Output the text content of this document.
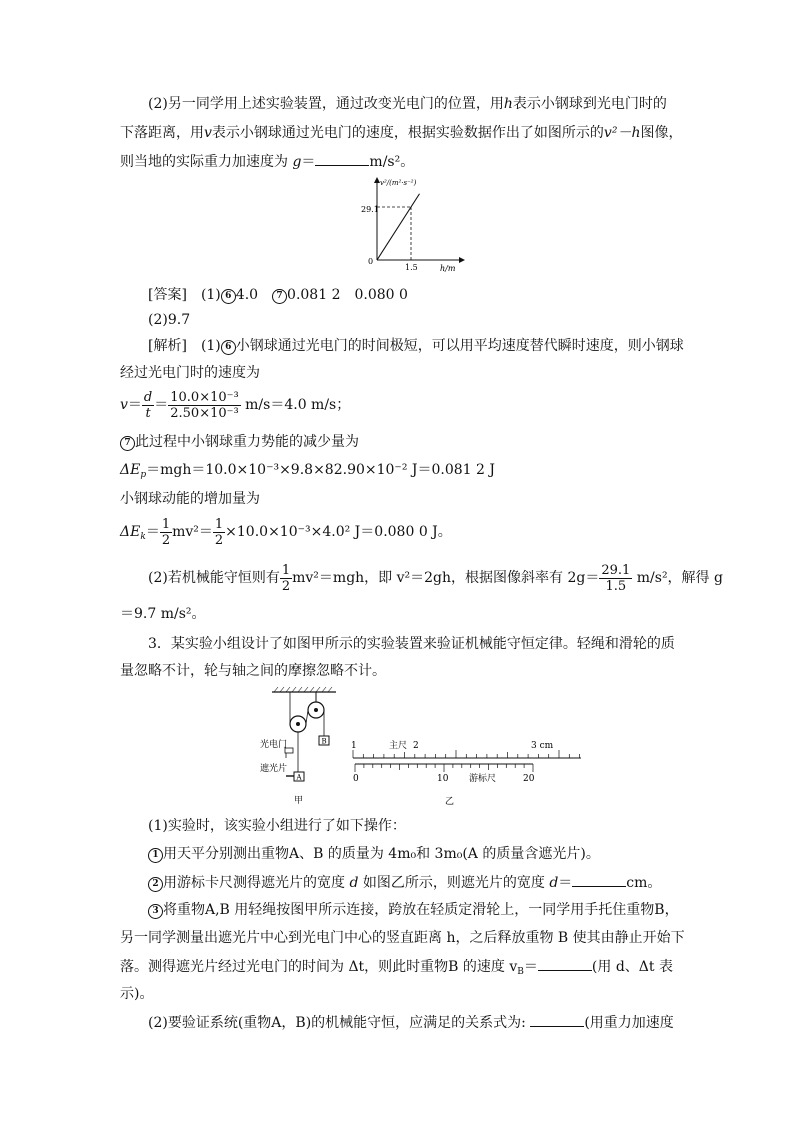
(2)另一同学用上述实验装置，通过改变光电门的位置，用h表示小钢球到光电门时的
下落距离，用v表示小钢球通过光电门的速度，根据实验数据作出了如图所示的v²－h图像，
则当地的实际重力加速度为 g＝	m/s²。
v²/(m²·s⁻²)
29.1
1.5
0
h/m
[答案]　 (1) 6 4.0　 7 0.081 2　0.080 0
(2)9.7
[解析]　 (1) 6 小钢球通过光电门的时间极短，可以用平均速度替代瞬时速度，则小钢球
经过光电门时的速度为
$v= \frac{d}{t} = \frac{\text{10.0×10⁻³}}{\text{2.50×10⁻³}} m/s=4.0$ m/s；
7 此过程中小钢球重力势能的减少量为
$\Delta E_p=mgh=10.0\times 10^{-3}\times 9.8\times 82.90\times 10^{-2}$ J＝0.081 2 J
小钢球动能的增加量为
$\Delta E_k= \frac{1}{2} mv^2= \frac{1}{2} \times 10.0\times 10^{-3}\times 4.0^2$ J＝0.080 0 J。
(2)若机械能守恒则有 $\frac{1}{2} mv^2=mgh$，即 v²＝2gh，根据图像斜率有 $2g= \frac{29.1}{1.5} m/s^2$，解得 g
＝9.7 m/s²。
3．某实验小组设计了如图甲所示的实验装置来验证机械能守恒定律。轻绳和滑轮的质
量忽略不计，轮与轴之间的摩擦忽略不计。
B
光电门
遮光片
A
甲
1	主尺 2	3 cm
0	10 游标尺	20
乙
(1)实验时，该实验小组进行了如下操作：
1 用天平分别测出重物A、B 的质量为 4m₀和 3m₀(A 的质量含遮光片)。
2 用游标卡尺测得遮光片的宽度 d 如图乙所示，则遮光片的宽度 d＝	cm。
3 将重物A,B 用轻绳按图甲所示连接，跨放在轻质定滑轮上，一同学用手托住重物B，
另一同学测量出遮光片中心到光电门中心的竖直距离 h，之后释放重物 B 使其由静止开始下
落。测得遮光片经过光电门的时间为 Δt，则此时重物B 的速度 $v_B=$	(用 d、Δt 表
示)。
(2)要验证系统(重物A，B)的机械能守恒，应满足的关系式为:	(用重力加速度
